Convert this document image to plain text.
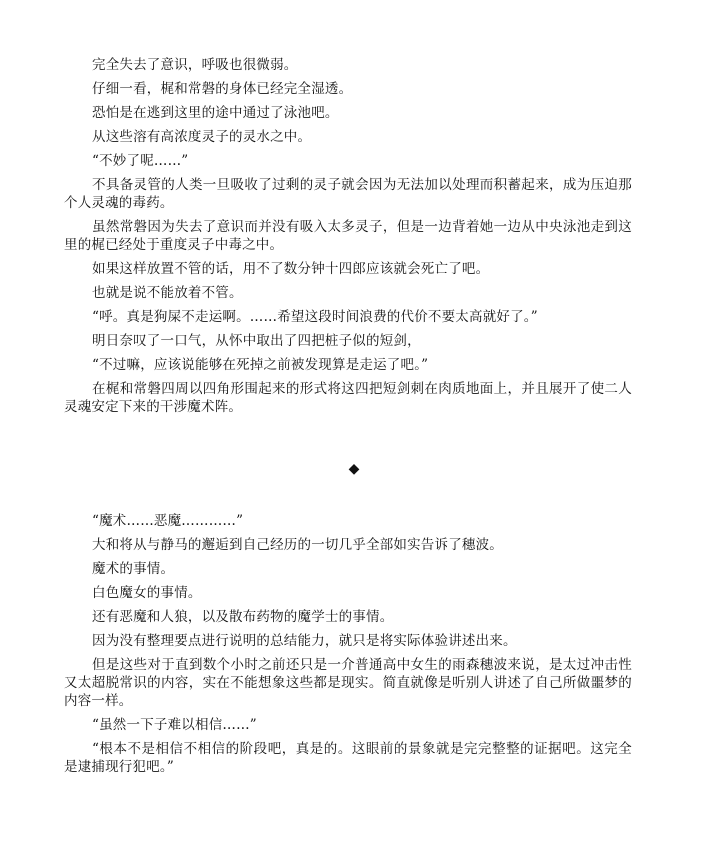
完全失去了意识，呼吸也很微弱。

仔细一看，梶和常磐的身体已经完全湿透。

恐怕是在逃到这里的途中通过了泳池吧。

从这些溶有高浓度灵子的灵水之中。

“不妙了呢……”

不具备灵管的人类一旦吸收了过剩的灵子就会因为无法加以处理而积蓄起来，成为压迫那个人灵魂的毒药。

虽然常磐因为失去了意识而并没有吸入太多灵子，但是一边背着她一边从中央泳池走到这里的梶已经处于重度灵子中毒之中。

如果这样放置不管的话，用不了数分钟十四郎应该就会死亡了吧。

也就是说不能放着不管。

“呼。真是狗屎不走运啊。……希望这段时间浪费的代价不要太高就好了。”

明日奈叹了一口气，从怀中取出了四把桩子似的短剑，

“不过嘛，应该说能够在死掉之前被发现算是走运了吧。”

在梶和常磐四周以四角形围起来的形式将这四把短剑刺在肉质地面上，并且展开了使二人灵魂安定下来的干涉魔术阵。

◆

“魔术……恶魔…………”

大和将从与静马的邂逅到自己经历的一切几乎全部如实告诉了穗波。

魔术的事情。

白色魔女的事情。

还有恶魔和人狼，以及散布药物的魔学士的事情。

因为没有整理要点进行说明的总结能力，就只是将实际体验讲述出来。

但是这些对于直到数个小时之前还只是一介普通高中女生的雨森穗波来说，是太过冲击性又太超脱常识的内容，实在不能想象这些都是现实。简直就像是听别人讲述了自己所做噩梦的内容一样。

“虽然一下子难以相信……”

“根本不是相信不相信的阶段吧，真是的。这眼前的景象就是完完整整的证据吧。这完全是逮捕现行犯吧。”
